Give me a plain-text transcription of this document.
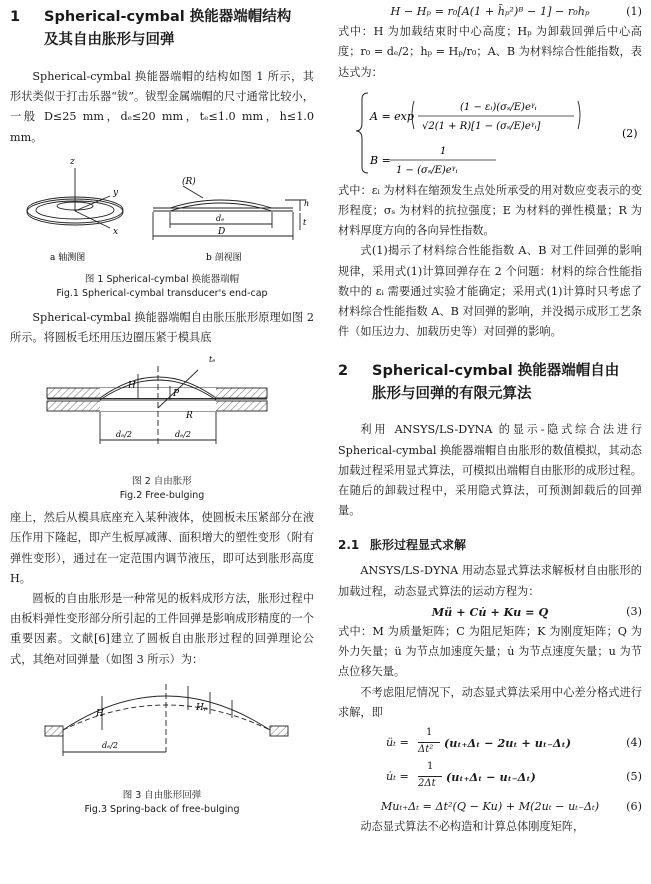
1 Spherical-cymbal 换能器端帽结构
及其自由胀形与回弹

Spherical-cymbal 换能器端帽的结构如图 1 所示，其形状类似于打击乐器“钹”。钹型金属端帽的尺寸通常比较小，一般 D≤25 mm，dₑ≤20 mm，tₑ≤1.0 mm，h≤1.0 mm。

z
y
x
(R)
dₑ
D
h
t
a 轴测图	b 剖视图
图 1 Spherical-cymbal 换能器端帽
Fig.1 Spherical-cymbal transducer's end-cap

Spherical-cymbal 换能器端帽自由胀压胀形原理如图 2 所示。将圆板毛坯用压边圈压紧于模具底

tₑ
H
P
R
dₑ/2	dₑ/2
图 2 自由胀形
Fig.2 Free-bulging

座上，然后从模具底座充入某种液体，使圆板未压紧部分在液压作用下隆起，即产生板厚减薄、面积增大的塑性变形（附有弹性变形），通过在一定范围内调节液压，即可达到胀形高度 H。

圆板的自由胀形是一种常见的板料成形方法，胀形过程中由板料弹性变形部分所引起的工件回弹是影响成形精度的一个重要因素。文献[6]建立了圆板自由胀形过程的回弹理论公式，其绝对回弹量（如图 3 所示）为：

H
Hₚ
dₑ/2
图 3 自由胀形回弹
Fig.3 Spring-back of free-bulging
H − Hₚ = r₀[A(1 + h̄ₚ²)ᴮ − 1] − r₀hₚ	(1)

式中：H 为加载结束时中心高度；Hₚ 为卸载回弹后中心高度；r₀ = dₑ/2；hₚ = Hₚ/r₀；A、B 为材料综合性能指数，表达式为：

A = exp
(1 − εᵢ)(σₛ/E)eᵞᵢ
√2(1 + R)[1 − (σₛ/E)eᵞᵢ]
B =
1
1 − (σₛ/E)eᵞᵢ
(2)

式中：εᵢ 为材料在缩颈发生点处所承受的用对数应变表示的变形程度；σₛ 为材料的抗拉强度；E 为材料的弹性模量；R 为材料厚度方向的各向异性指数。

式(1)揭示了材料综合性能指数 A、B 对工件回弹的影响规律，采用式(1)计算回弹存在 2 个问题：材料的综合性能指数中的 εᵢ 需要通过实验才能确定；采用式(1)计算时只考虑了材料综合性能指数 A、B 对回弹的影响，并没揭示成形工艺条件（如压边力、加载历史等）对回弹的影响。

2 Spherical-cymbal 换能器端帽自由
胀形与回弹的有限元算法

利用 ANSYS/LS-DYNA 的显示-隐式综合法进行 Spherical-cymbal 换能器端帽自由胀形的数值模拟，其动态加载过程采用显式算法，可模拟出端帽自由胀形的成形过程。在随后的卸载过程中，采用隐式算法，可预测卸载后的回弹量。

2.1 胀形过程显式求解

ANSYS/LS-DYNA 用动态显式算法求解板材自由胀形的加载过程，动态显式算法的运动方程为：

Mü + Cu̇ + Ku = Q	(3)

式中：M 为质量矩阵；C 为阻尼矩阵；K 为刚度矩阵；Q 为外力矢量；ü 为节点加速度矢量；u̇ 为节点速度矢量；u 为节点位移矢量。

不考虑阻尼情况下，动态显式算法采用中心差分格式进行求解，即

üₜ =
1
Δt² (uₜ₊Δₜ − 2uₜ + uₜ₋Δₜ)	(4)
u̇ₜ =
1
2Δt (uₜ₊Δₜ − uₜ₋Δₜ)	(5)
Muₜ₊Δₜ = Δt²(Q − Ku) + M(2uₜ − uₜ₋Δₜ) (6)

动态显式算法不必构造和计算总体刚度矩阵，
